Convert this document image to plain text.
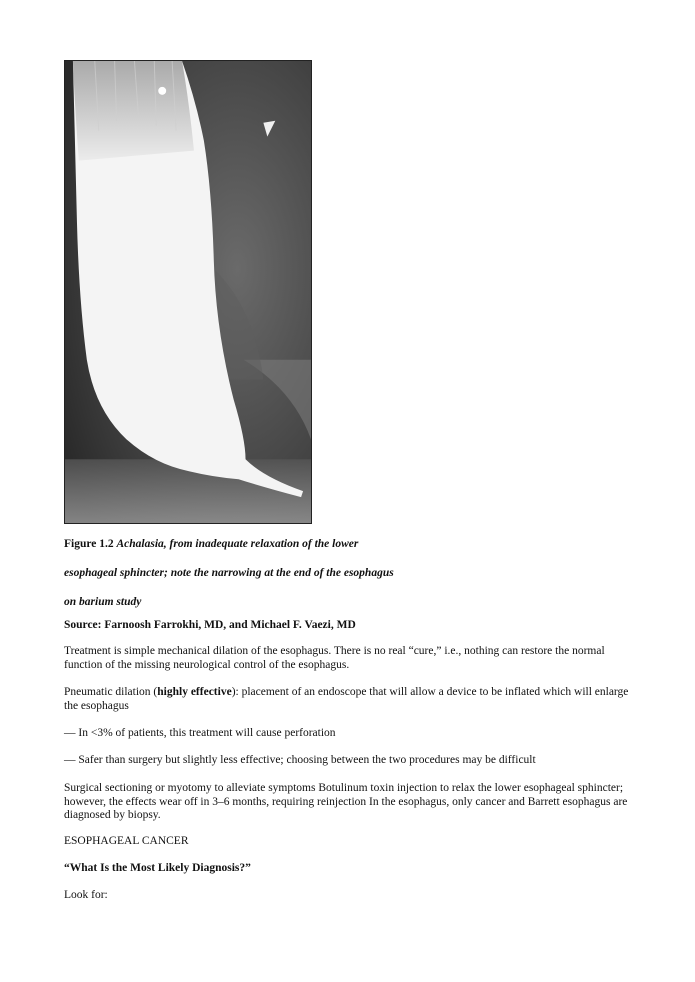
Figure 1.2 Achalasia, from inadequate relaxation of the lower
esophageal sphincter; note the narrowing at the end of the esophagus
on barium study
Source: Farnoosh Farrokhi, MD, and Michael F. Vaezi, MD
Treatment is simple mechanical dilation of the esophagus. There is no real “cure,” i.e., nothing can restore the normal function of the missing neurological control of the esophagus.
Pneumatic dilation (highly effective): placement of an endoscope that will allow a device to be inflated which will enlarge the esophagus
— In <3% of patients, this treatment will cause perforation
— Safer than surgery but slightly less effective; choosing between the two procedures may be difficult
Surgical sectioning or myotomy to alleviate symptoms Botulinum toxin injection to relax the lower esophageal sphincter; however, the effects wear off in 3–6 months, requiring reinjection In the esophagus, only cancer and Barrett esophagus are diagnosed by biopsy.
ESOPHAGEAL CANCER
“What Is the Most Likely Diagnosis?”
Look for:
